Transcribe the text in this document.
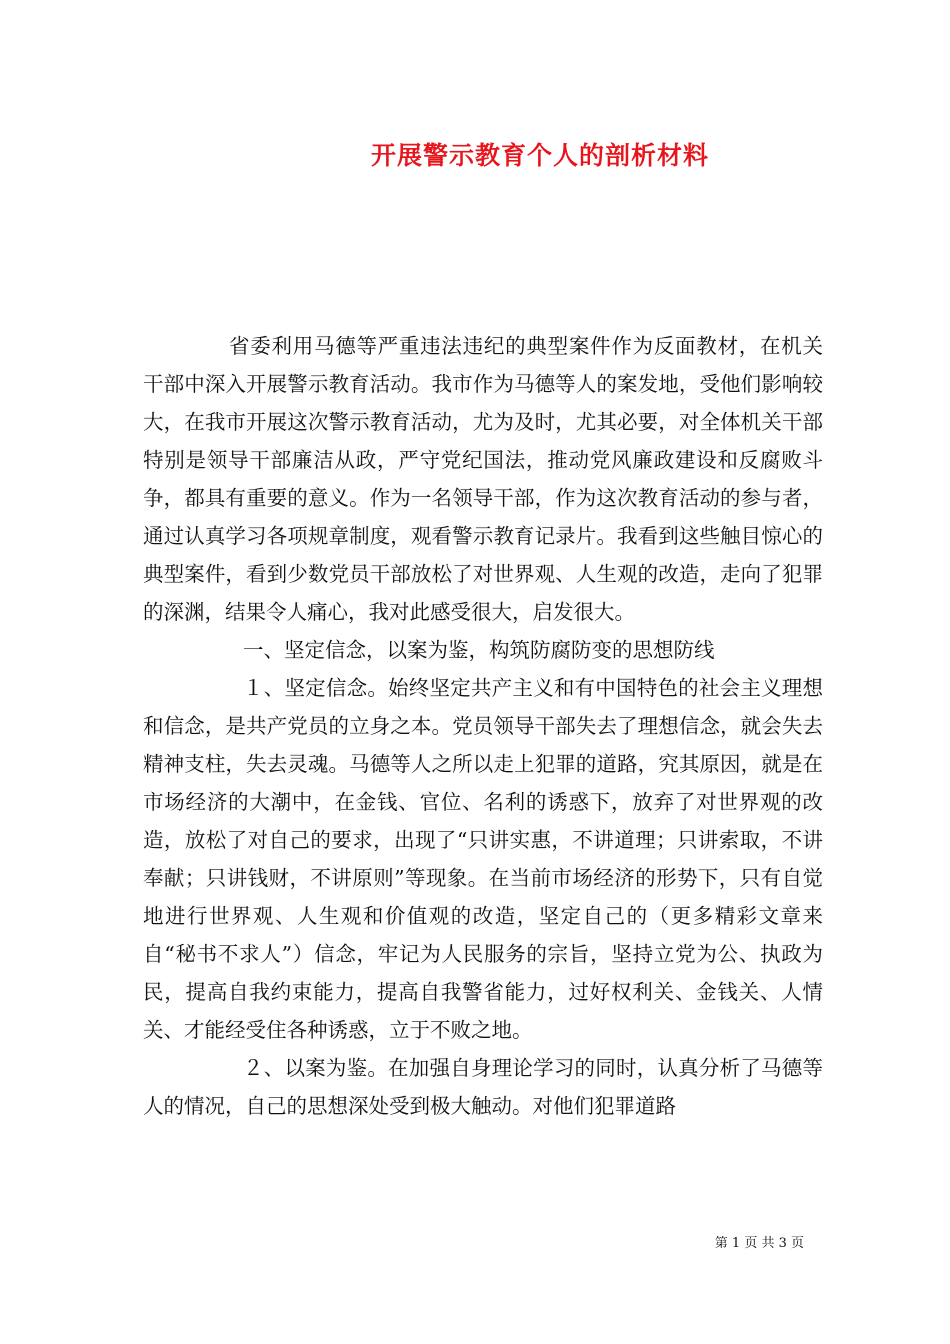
开展警示教育个人的剖析材料

省委利用马德等严重违法违纪的典型案件作为反面教材，在机关干部中深入开展警示教育活动。我市作为马德等人的案发地，受他们影响较大，在我市开展这次警示教育活动，尤为及时，尤其必要，对全体机关干部特别是领导干部廉洁从政，严守党纪国法，推动党风廉政建设和反腐败斗争，都具有重要的意义。作为一名领导干部，作为这次教育活动的参与者，通过认真学习各项规章制度，观看警示教育记录片。我看到这些触目惊心的典型案件，看到少数党员干部放松了对世界观、人生观的改造，走向了犯罪的深渊，结果令人痛心，我对此感受很大，启发很大。

一、坚定信念，以案为鉴，构筑防腐防变的思想防线

１、坚定信念。始终坚定共产主义和有中国特色的社会主义理想和信念，是共产党员的立身之本。党员领导干部失去了理想信念，就会失去精神支柱，失去灵魂。马德等人之所以走上犯罪的道路，究其原因，就是在市场经济的大潮中，在金钱、官位、名利的诱惑下，放弃了对世界观的改造，放松了对自己的要求，出现了“只讲实惠，不讲道理；只讲索取，不讲奉献；只讲钱财，不讲原则”等现象。在当前市场经济的形势下，只有自觉地进行世界观、人生观和价值观的改造，坚定自己的（更多精彩文章来自“秘书不求人”）信念，牢记为人民服务的宗旨，坚持立党为公、执政为民，提高自我约束能力，提高自我警省能力，过好权利关、金钱关、人情关、才能经受住各种诱惑，立于不败之地。

２、以案为鉴。在加强自身理论学习的同时，认真分析了马德等人的情况，自己的思想深处受到极大触动。对他们犯罪道路

第 1 页 共 3 页
